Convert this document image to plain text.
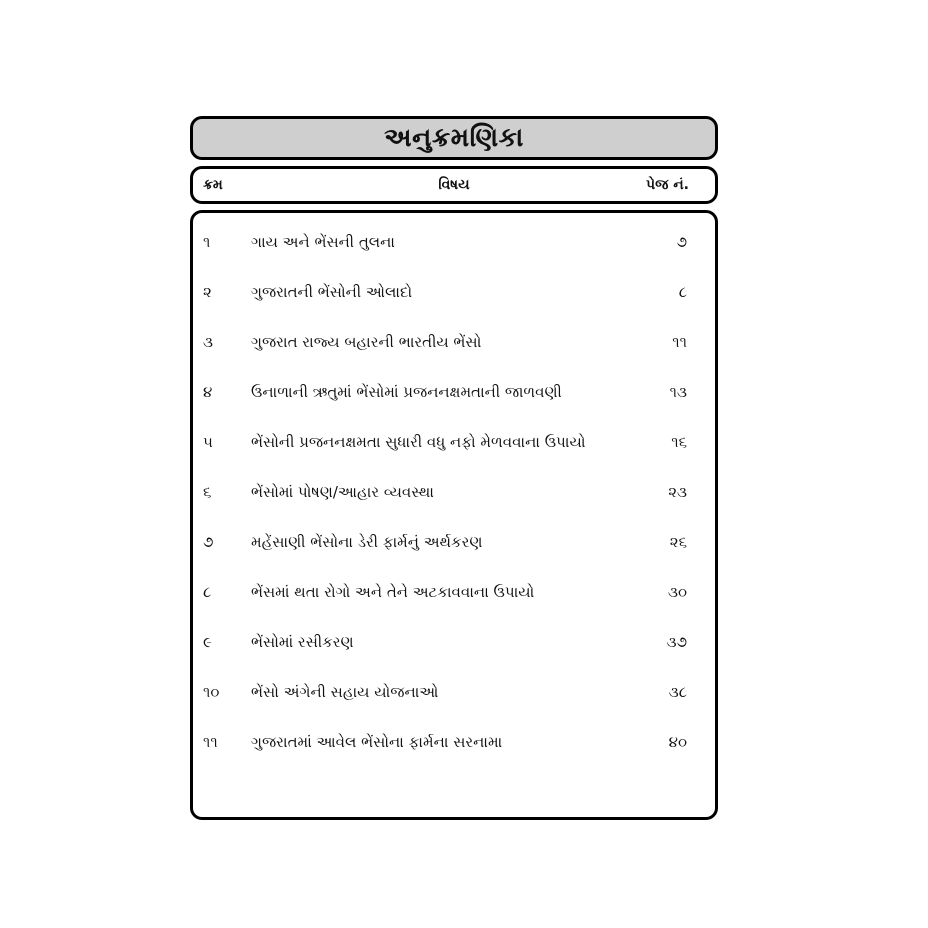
અનુક્રમણિકા
ક્રમ	વિષય	પેજ નં.
૧	ગાય અને ભેંસની તુલના	૭
૨	ગુજરાતની ભેંસોની ઓલાદો	૮
૩	ગુજરાત રાજ્ય બહારની ભારતીય ભેંસો	૧૧
૪	ઉનાળાની ઋતુમાં ભેંસોમાં પ્રજનનક્ષમતાની જાળવણી	૧૩
૫	ભેંસોની પ્રજનનક્ષમતા સુધારી વધુ નફો મેળવવાના ઉપાયો	૧૬
૬	ભેંસોમાં પોષણ/આહાર વ્યવસ્થા	૨૩
૭	મહેંસાણી ભેંસોના ડેરી ફાર્મનું અર્થકરણ	૨૬
૮	ભેંસમાં થતા રોગો અને તેને અટકાવવાના ઉપાયો	૩૦
૯	ભેંસોમાં રસીકરણ	૩૭
૧૦ ભેંસો અંગેની સહાય યોજનાઓ	૩૮
૧૧ ગુજરાતમાં આવેલ ભેંસોના ફાર્મના સરનામા	૪૦
